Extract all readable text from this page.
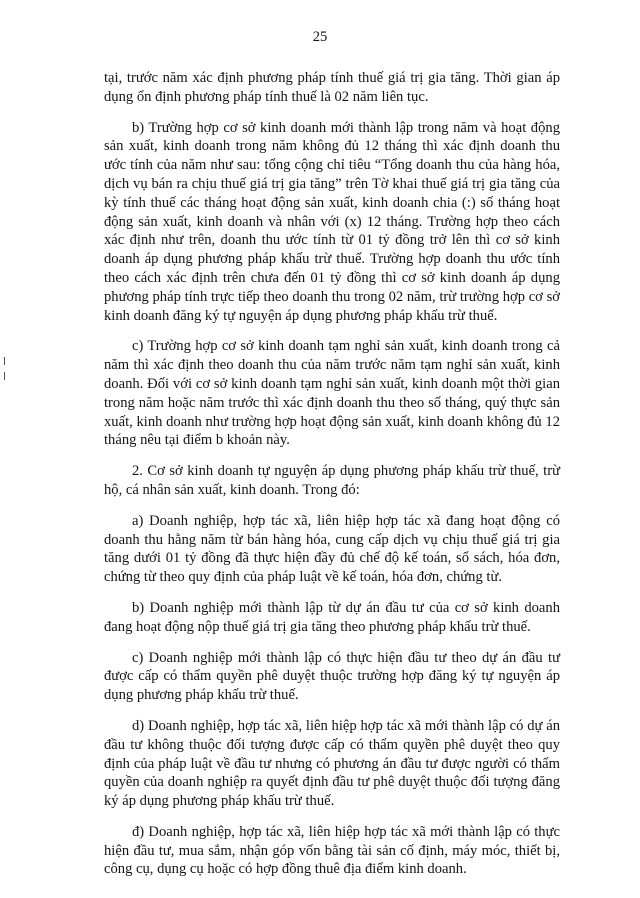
25

tại, trước năm xác định phương pháp tính thuế giá trị gia tăng. Thời gian áp dụng ổn định phương pháp tính thuế là 02 năm liên tục.

b) Trường hợp cơ sở kinh doanh mới thành lập trong năm và hoạt động sản xuất, kinh doanh trong năm không đủ 12 tháng thì xác định doanh thu ước tính của năm như sau: tổng cộng chỉ tiêu “Tổng doanh thu của hàng hóa, dịch vụ bán ra chịu thuế giá trị gia tăng” trên Tờ khai thuế giá trị gia tăng của kỳ tính thuế các tháng hoạt động sản xuất, kinh doanh chia (:) số tháng hoạt động sản xuất, kinh doanh và nhân với (x) 12 tháng. Trường hợp theo cách xác định như trên, doanh thu ước tính từ 01 tỷ đồng trở lên thì cơ sở kinh doanh áp dụng phương pháp khấu trừ thuế. Trường hợp doanh thu ước tính theo cách xác định trên chưa đến 01 tỷ đồng thì cơ sở kinh doanh áp dụng phương pháp tính trực tiếp theo doanh thu trong 02 năm, trừ trường hợp cơ sở kinh doanh đăng ký tự nguyện áp dụng phương pháp khấu trừ thuế.

c) Trường hợp cơ sở kinh doanh tạm nghỉ sản xuất, kinh doanh trong cả năm thì xác định theo doanh thu của năm trước năm tạm nghỉ sản xuất, kinh doanh. Đối với cơ sở kinh doanh tạm nghỉ sản xuất, kinh doanh một thời gian trong năm hoặc năm trước thì xác định doanh thu theo số tháng, quý thực sản xuất, kinh doanh như trường hợp hoạt động sản xuất, kinh doanh không đủ 12 tháng nêu tại điểm b khoản này.

2. Cơ sở kinh doanh tự nguyện áp dụng phương pháp khấu trừ thuế, trừ hộ, cá nhân sản xuất, kinh doanh. Trong đó:

a) Doanh nghiệp, hợp tác xã, liên hiệp hợp tác xã đang hoạt động có doanh thu hằng năm từ bán hàng hóa, cung cấp dịch vụ chịu thuế giá trị gia tăng dưới 01 tỷ đồng đã thực hiện đầy đủ chế độ kế toán, sổ sách, hóa đơn, chứng từ theo quy định của pháp luật về kế toán, hóa đơn, chứng từ.

b) Doanh nghiệp mới thành lập từ dự án đầu tư của cơ sở kinh doanh đang hoạt động nộp thuế giá trị gia tăng theo phương pháp khấu trừ thuế.

c) Doanh nghiệp mới thành lập có thực hiện đầu tư theo dự án đầu tư được cấp có thẩm quyền phê duyệt thuộc trường hợp đăng ký tự nguyện áp dụng phương pháp khấu trừ thuế.

d) Doanh nghiệp, hợp tác xã, liên hiệp hợp tác xã mới thành lập có dự án đầu tư không thuộc đối tượng được cấp có thẩm quyền phê duyệt theo quy định của pháp luật về đầu tư nhưng có phương án đầu tư được người có thẩm quyền của doanh nghiệp ra quyết định đầu tư phê duyệt thuộc đối tượng đăng ký áp dụng phương pháp khấu trừ thuế.

đ) Doanh nghiệp, hợp tác xã, liên hiệp hợp tác xã mới thành lập có thực hiện đầu tư, mua sắm, nhận góp vốn bằng tài sản cố định, máy móc, thiết bị, công cụ, dụng cụ hoặc có hợp đồng thuê địa điểm kinh doanh.
